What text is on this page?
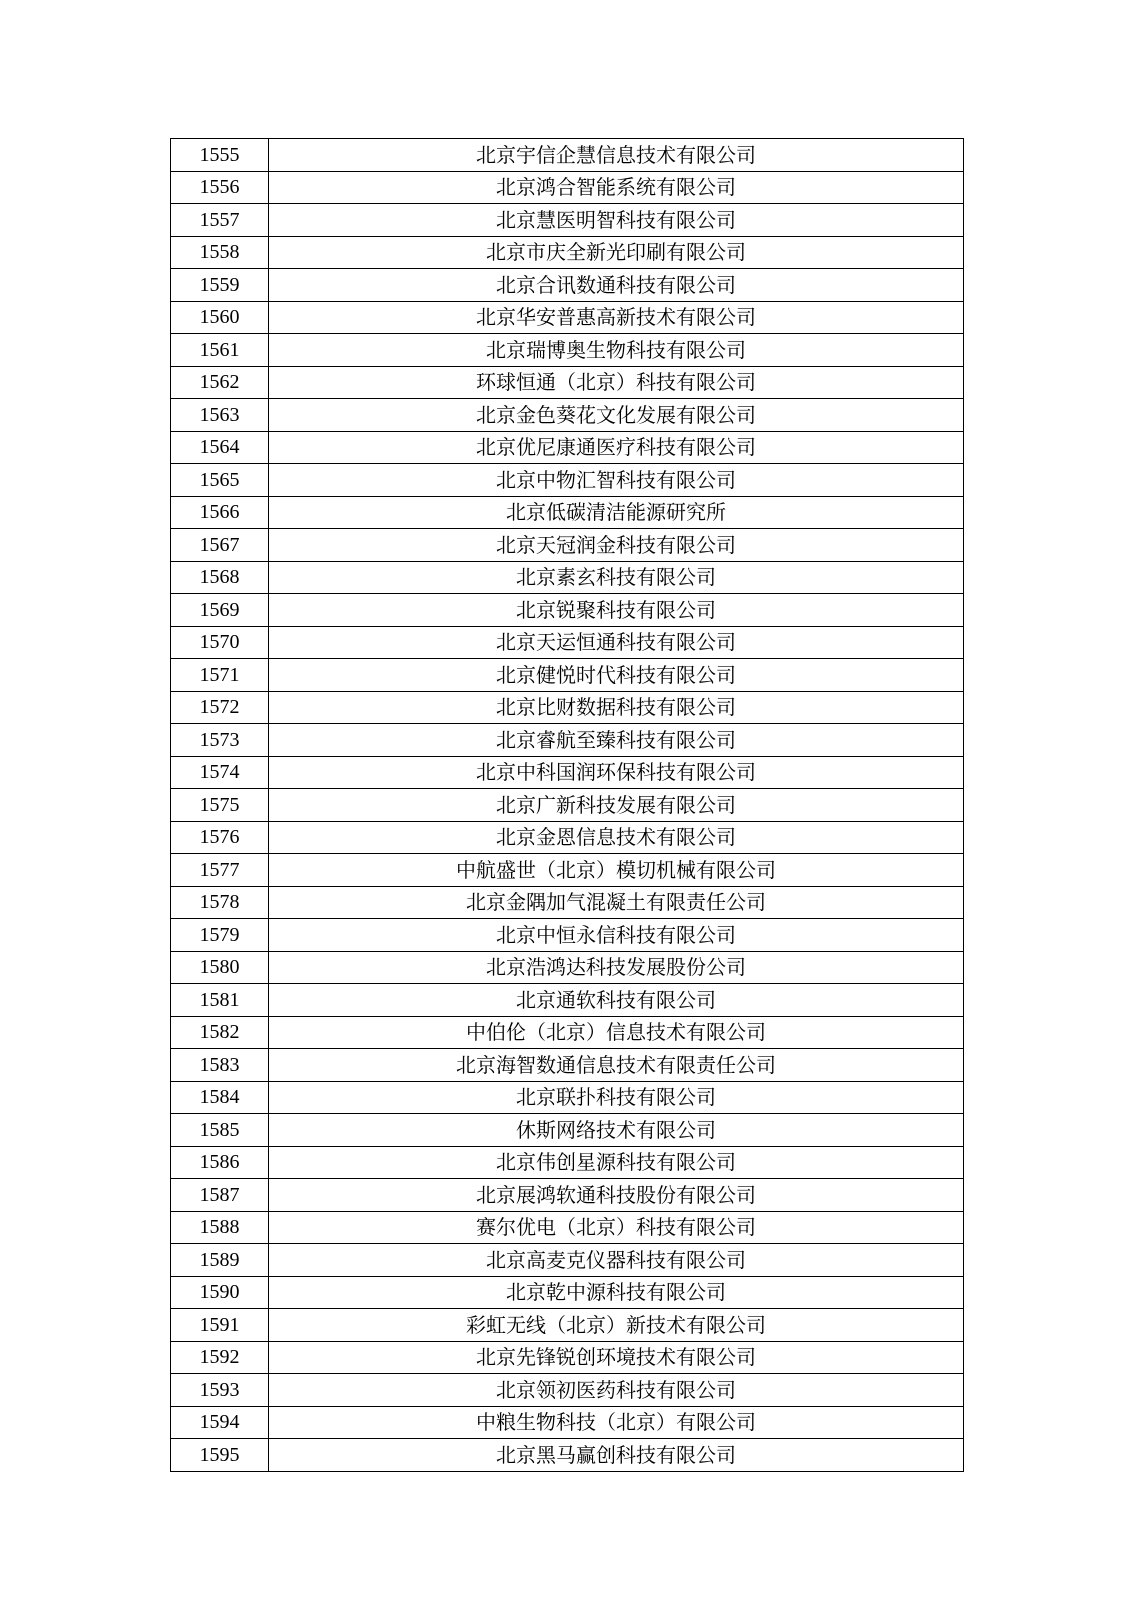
1555	北京宇信企慧信息技术有限公司
1556	北京鸿合智能系统有限公司
1557	北京慧医明智科技有限公司
1558	北京市庆全新光印刷有限公司
1559	北京合讯数通科技有限公司
1560	北京华安普惠高新技术有限公司
1561	北京瑞博奥生物科技有限公司
1562	环球恒通（北京）科技有限公司
1563	北京金色葵花文化发展有限公司
1564	北京优尼康通医疗科技有限公司
1565	北京中物汇智科技有限公司
1566	北京低碳清洁能源研究所
1567	北京天冠润金科技有限公司
1568	北京素玄科技有限公司
1569	北京锐聚科技有限公司
1570	北京天运恒通科技有限公司
1571	北京健悦时代科技有限公司
1572	北京比财数据科技有限公司
1573	北京睿航至臻科技有限公司
1574	北京中科国润环保科技有限公司
1575	北京广新科技发展有限公司
1576	北京金恩信息技术有限公司
1577	中航盛世（北京）模切机械有限公司
1578	北京金隅加气混凝土有限责任公司
1579	北京中恒永信科技有限公司
1580	北京浩鸿达科技发展股份公司
1581	北京通软科技有限公司
1582	中伯伦（北京）信息技术有限公司
1583	北京海智数通信息技术有限责任公司
1584	北京联扑科技有限公司
1585	休斯网络技术有限公司
1586	北京伟创星源科技有限公司
1587	北京展鸿软通科技股份有限公司
1588	赛尔优电（北京）科技有限公司
1589	北京高麦克仪器科技有限公司
1590	北京乾中源科技有限公司
1591	彩虹无线（北京）新技术有限公司
1592	北京先锋锐创环境技术有限公司
1593	北京领初医药科技有限公司
1594	中粮生物科技（北京）有限公司
1595	北京黑马赢创科技有限公司
